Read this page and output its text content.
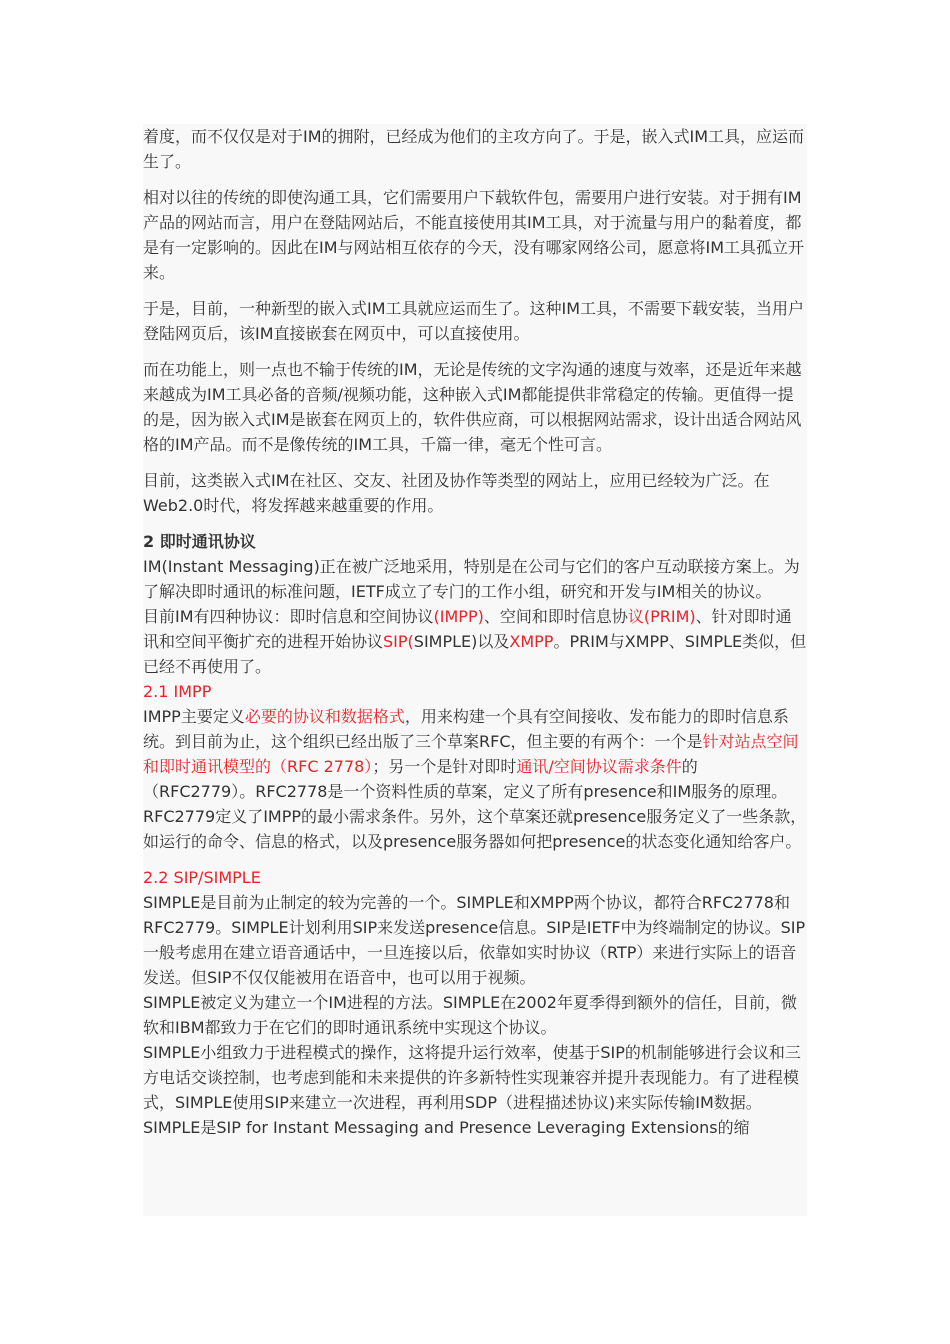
着度，而不仅仅是对于IM的拥附，已经成为他们的主攻方向了。于是，嵌入式IM工具，应运而生了。

相对以往的传统的即使沟通工具，它们需要用户下载软件包，需要用户进行安装。对于拥有IM产品的网站而言，用户在登陆网站后，不能直接使用其IM工具，对于流量与用户的黏着度，都是有一定影响的。因此在IM与网站相互依存的今天，没有哪家网络公司，愿意将IM工具孤立开来。

于是，目前，一种新型的嵌入式IM工具就应运而生了。这种IM工具，不需要下载安装，当用户登陆网页后，该IM直接嵌套在网页中，可以直接使用。

而在功能上，则一点也不输于传统的IM，无论是传统的文字沟通的速度与效率，还是近年来越来越成为IM工具必备的音频/视频功能，这种嵌入式IM都能提供非常稳定的传输。更值得一提的是，因为嵌入式IM是嵌套在网页上的，软件供应商，可以根据网站需求，设计出适合网站风格的IM产品。而不是像传统的IM工具，千篇一律，毫无个性可言。

目前，这类嵌入式IM在社区、交友、社团及协作等类型的网站上，应用已经较为广泛。在Web2.0时代，将发挥越来越重要的作用。

2 即时通讯协议

IM(Instant Messaging)正在被广泛地采用，特别是在公司与它们的客户互动联接方案上。为了解决即时通讯的标准问题，IETF成立了专门的工作小组，研究和开发与IM相关的协议。

目前IM有四种协议：即时信息和空间协议(IMPP)、空间和即时信息协议(PRIM)、针对即时通讯和空间平衡扩充的进程开始协议SIP(SIMPLE)以及XMPP。PRIM与XMPP、SIMPLE类似，但已经不再使用了。

2.1 IMPP

IMPP主要定义必要的协议和数据格式，用来构建一个具有空间接收、发布能力的即时信息系统。到目前为止，这个组织已经出版了三个草案RFC，但主要的有两个：一个是针对站点空间和即时通讯模型的（RFC 2778）；另一个是针对即时通讯/空间协议需求条件的（RFC2779）。RFC2778是一个资料性质的草案，定义了所有presence和IM服务的原理。RFC2779定义了IMPP的最小需求条件。另外，这个草案还就presence服务定义了一些条款，如运行的命令、信息的格式，以及presence服务器如何把presence的状态变化通知给客户。

2.2 SIP/SIMPLE

SIMPLE是目前为止制定的较为完善的一个。SIMPLE和XMPP两个协议，都符合RFC2778和RFC2779。SIMPLE计划利用SIP来发送presence信息。SIP是IETF中为终端制定的协议。SIP一般考虑用在建立语音通话中，一旦连接以后，依靠如实时协议（RTP）来进行实际上的语音发送。但SIP不仅仅能被用在语音中，也可以用于视频。

SIMPLE被定义为建立一个IM进程的方法。SIMPLE在2002年夏季得到额外的信任，目前，微软和IBM都致力于在它们的即时通讯系统中实现这个协议。

SIMPLE小组致力于进程模式的操作，这将提升运行效率，使基于SIP的机制能够进行会议和三方电话交谈控制，也考虑到能和未来提供的许多新特性实现兼容并提升表现能力。有了进程模式，SIMPLE使用SIP来建立一次进程，再利用SDP（进程描述协议)来实际传输IM数据。

SIMPLE是SIP for Instant Messaging and Presence Leveraging Extensions的缩
